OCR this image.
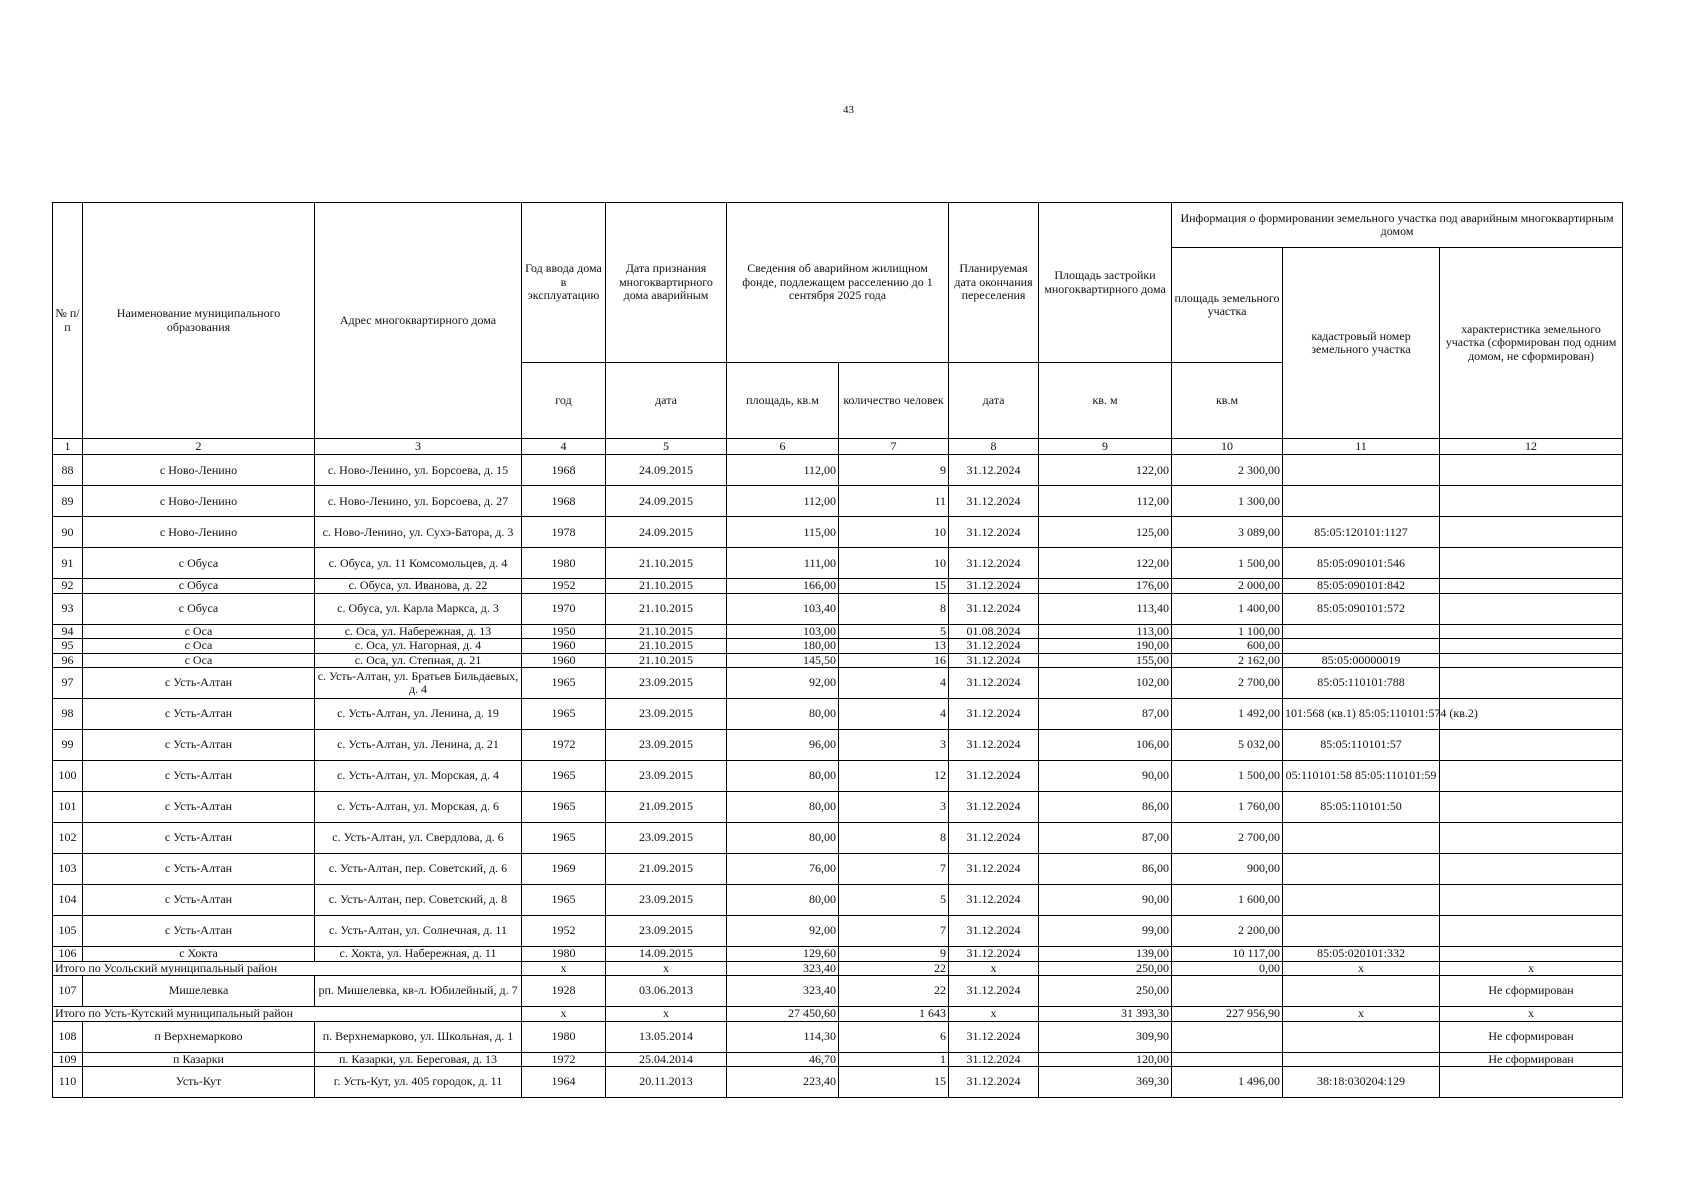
43
№ п/п	Наименование муниципального образования	Адрес многоквартирного дома	Год ввода дома в эксплуатацию	Дата признания многоквартирного дома аварийным	Сведения об аварийном жилищном фонде, подлежащем расселению до 1 сентября 2025 года		Планируемая дата окончания переселения	Площадь застройки многоквартирного дома	Информация о формировании земельного участка под аварийным многоквартирным домом		
									площадь земельного участка	кадастровый номер земельного участка	характеристика земельного участка (сформирован под одним домом, не сформирован)
			год	дата	площадь, кв.м	количество человек	дата	кв. м	кв.м		
1	2	3	4	5	6	7	8	9	10	11	12
88	с Ново-Ленино	с. Ново-Ленино, ул. Борсоева, д. 15	1968	24.09.2015	112,00	9	31.12.2024	122,00	2 300,00		
89	с Ново-Ленино	с. Ново-Ленино, ул. Борсоева, д. 27	1968	24.09.2015	112,00	11	31.12.2024	112,00	1 300,00		
90	с Ново-Ленино	с. Ново-Ленино, ул. Сухэ-Батора, д. 3	1978	24.09.2015	115,00	10	31.12.2024	125,00	3 089,00	85:05:120101:1127	
91	с Обуса	с. Обуса, ул. 11 Комсомольцев, д. 4	1980	21.10.2015	111,00	10	31.12.2024	122,00	1 500,00	85:05:090101:546	
92	с Обуса	с. Обуса, ул. Иванова, д. 22	1952	21.10.2015	166,00	15	31.12.2024	176,00	2 000,00	85:05:090101:842	
93	с Обуса	с. Обуса, ул. Карла Маркса, д. 3	1970	21.10.2015	103,40	8	31.12.2024	113,40	1 400,00	85:05:090101:572	
94	с Оса	с. Оса, ул. Набережная, д. 13	1950	21.10.2015	103,00	5	01.08.2024	113,00	1 100,00		
95	с Оса	с. Оса, ул. Нагорная, д. 4	1960	21.10.2015	180,00	13	31.12.2024	190,00	600,00		
96	с Оса	с. Оса, ул. Степная, д. 21	1960	21.10.2015	145,50	16	31.12.2024	155,00	2 162,00	85:05:00000019	
97	с Усть-Алтан	с. Усть-Алтан, ул. Братьев Бильдаевых, д. 4	1965	23.09.2015	92,00	4	31.12.2024	102,00	2 700,00	85:05:110101:788	
98	с Усть-Алтан	с. Усть-Алтан, ул. Ленина, д. 19	1965	23.09.2015	80,00	4	31.12.2024	87,00	1 492,00	101:568 (кв.1) 85:05:110101:574 (кв.2)	
99	с Усть-Алтан	с. Усть-Алтан, ул. Ленина, д. 21	1972	23.09.2015	96,00	3	31.12.2024	106,00	5 032,00	85:05:110101:57	
100	с Усть-Алтан	с. Усть-Алтан, ул. Морская, д. 4	1965	23.09.2015	80,00	12	31.12.2024	90,00	1 500,00	05:110101:58 85:05:110101:59	
101	с Усть-Алтан	с. Усть-Алтан, ул. Морская, д. 6	1965	21.09.2015	80,00	3	31.12.2024	86,00	1 760,00	85:05:110101:50	
102	с Усть-Алтан	с. Усть-Алтан, ул. Свердлова, д. 6	1965	23.09.2015	80,00	8	31.12.2024	87,00	2 700,00		
103	с Усть-Алтан	с. Усть-Алтан, пер. Советский, д. 6	1969	21.09.2015	76,00	7	31.12.2024	86,00	900,00		
104	с Усть-Алтан	с. Усть-Алтан, пер. Советский, д. 8	1965	23.09.2015	80,00	5	31.12.2024	90,00	1 600,00		
105	с Усть-Алтан	с. Усть-Алтан, ул. Солнечная, д. 11	1952	23.09.2015	92,00	7	31.12.2024	99,00	2 200,00		
106	с Хокта	с. Хокта, ул. Набережная, д. 11	1980	14.09.2015	129,60	9	31.12.2024	139,00	10 117,00	85:05:020101:332	
Итого по Усольский муниципальный район			x	x	323,40	22	x	250,00	0,00	x	x
107	Мишелевка	рп. Мишелевка, кв-л. Юбилейный, д. 7	1928	03.06.2013	323,40	22	31.12.2024	250,00			Не сформирован
Итого по Усть-Кутский муниципальный район			x	x	27 450,60	1 643	x	31 393,30	227 956,90	x	x
108	п Верхнемарково	п. Верхнемарково, ул. Школьная, д. 1	1980	13.05.2014	114,30	6	31.12.2024	309,90			Не сформирован
109	п Казарки	п. Казарки, ул. Береговая, д. 13	1972	25.04.2014	46,70	1	31.12.2024	120,00			Не сформирован
110	Усть-Кут	г. Усть-Кут, ул. 405 городок, д. 11	1964	20.11.2013	223,40	15	31.12.2024	369,30	1 496,00	38:18:030204:129	
